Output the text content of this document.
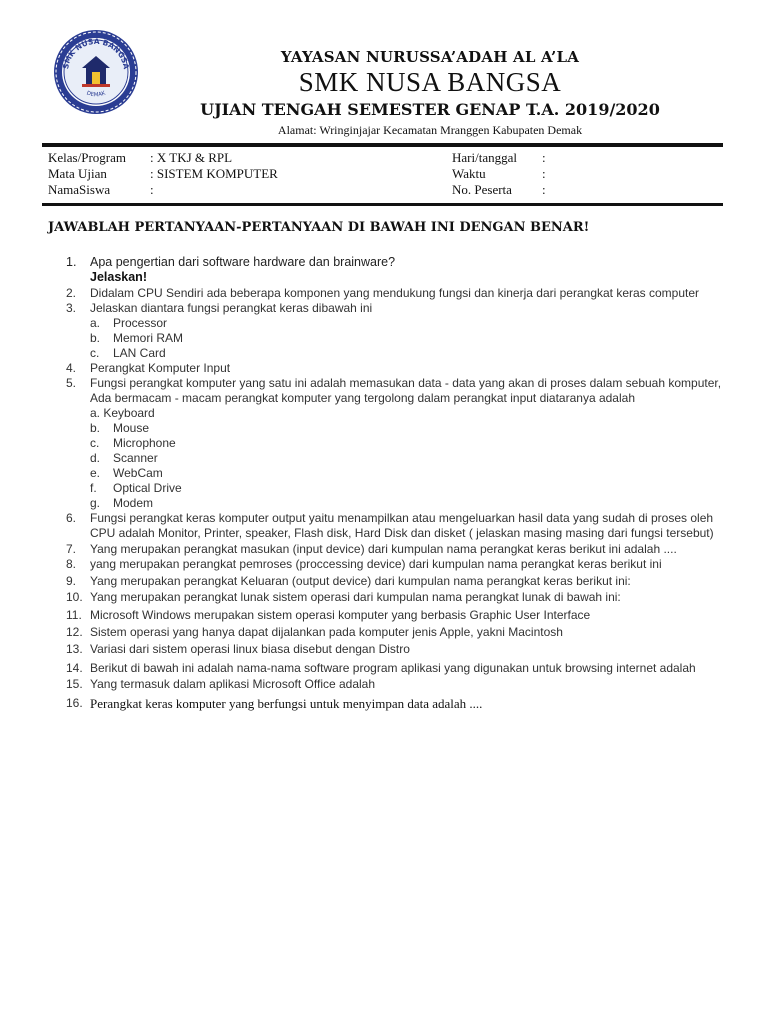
SMK NUSA BANGSA
DEMAK
YAYASAN NURUSSA’ADAH AL A’LA
SMK NUSA BANGSA
UJIAN TENGAH SEMESTER GENAP T.A. 2019/2020
Alamat: Wringinjajar Kecamatan Mranggen Kabupaten Demak
Kelas/Program : X TKJ & RPL
Mata Ujian	: SISTEM KOMPUTER
NamaSiswa	:
Hari/tanggal :
Waktu	:
No. Peserta :
JAWABLAH PERTANYAAN-PERTANYAAN DI BAWAH INI DENGAN BENAR!
1. Apa pengertian dari software hardware dan brainware?
Jelaskan!
2. Didalam CPU Sendiri ada beberapa komponen yang mendukung fungsi dan kinerja dari perangkat keras computer
3. Jelaskan diantara fungsi perangkat keras dibawah ini
a. Processor
b. Memori RAM
c. LAN Card
4. Perangkat Komputer Input
5. Fungsi perangkat komputer yang satu ini adalah memasukan data - data yang akan di proses dalam sebuah komputer, Ada bermacam - macam perangkat komputer yang tergolong dalam perangkat input diataranya adalah
a. Keyboard
b. Mouse
c. Microphone
d. Scanner
e. WebCam
f. Optical Drive
g. Modem
6. Fungsi perangkat keras komputer output yaitu menampilkan atau mengeluarkan hasil data yang sudah di proses oleh CPU adalah Monitor, Printer, speaker, Flash disk, Hard Disk dan disket ( jelaskan masing masing dari fungsi tersebut)
7. Yang merupakan perangkat masukan (input device) dari kumpulan nama perangkat keras berikut ini adalah ....
8. yang merupakan perangkat pemroses (proccessing device) dari kumpulan nama perangkat keras berikut ini
9. Yang merupakan perangkat Keluaran (output device) dari kumpulan nama perangkat keras berikut ini:
10. Yang merupakan perangkat lunak sistem operasi dari kumpulan nama perangkat lunak di bawah ini:
11. Microsoft Windows merupakan sistem operasi komputer yang berbasis Graphic User Interface
12. Sistem operasi yang hanya dapat dijalankan pada komputer jenis Apple, yakni Macintosh
13. Variasi dari sistem operasi linux biasa disebut dengan Distro
14. Berikut di bawah ini adalah nama-nama software program aplikasi yang digunakan untuk browsing internet adalah
15. Yang termasuk dalam aplikasi Microsoft Office adalah
16. Perangkat keras komputer yang berfungsi untuk menyimpan data adalah ....
